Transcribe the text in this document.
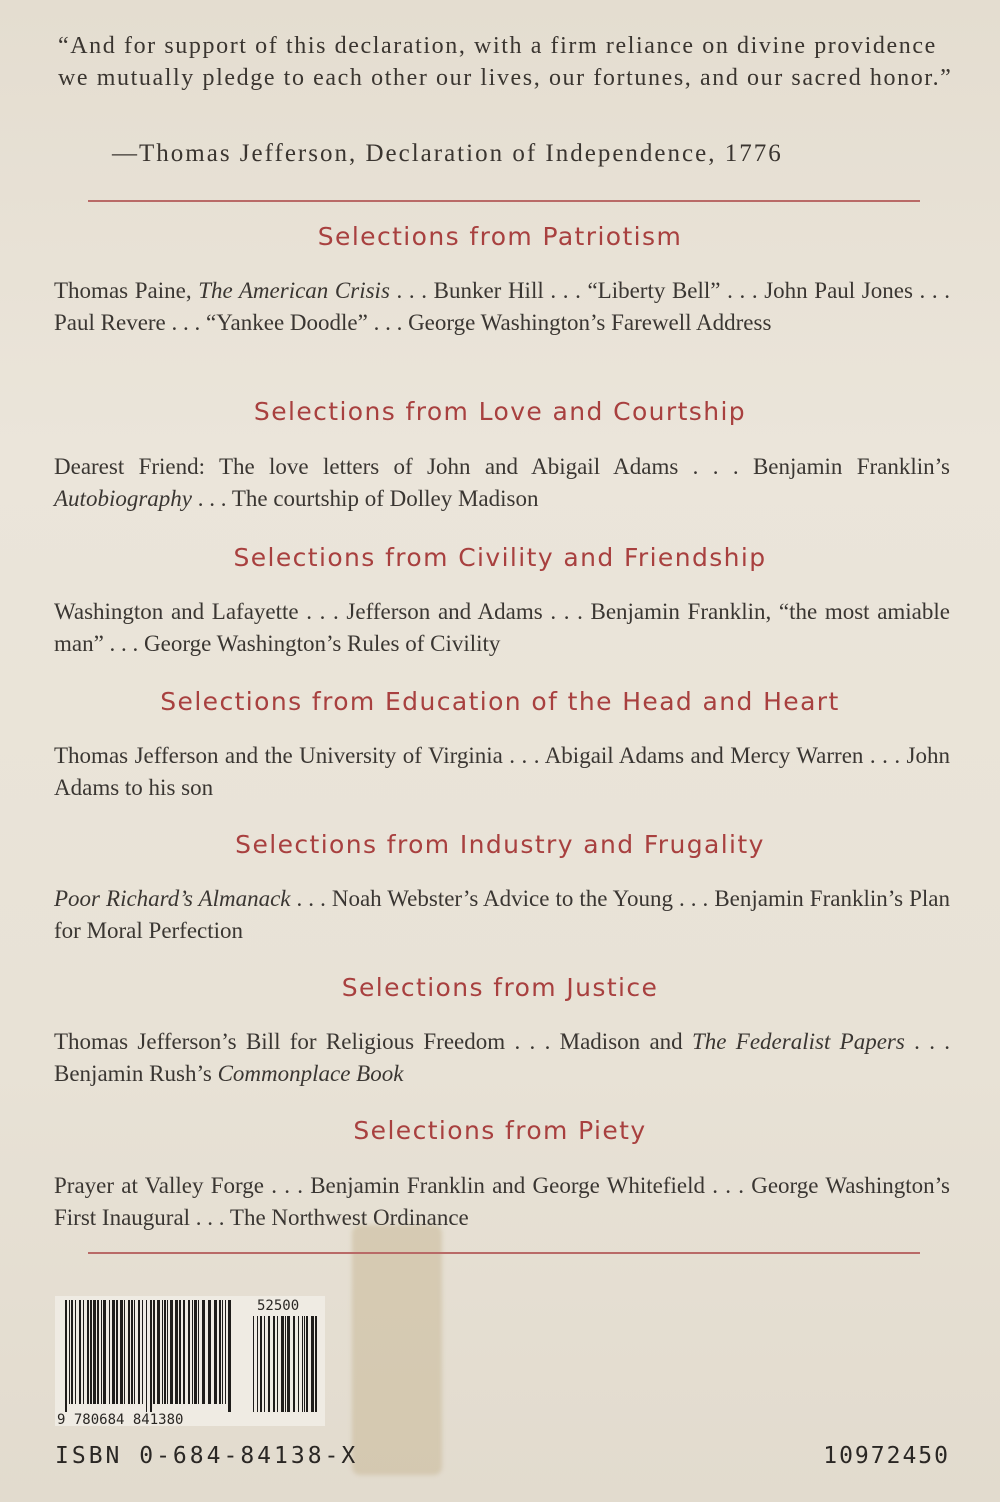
“And for support of this declaration, with a firm reliance on divine providence we mutually pledge to each other our lives, our fortunes, and our sacred honor.”
—Thomas Jefferson, Declaration of Independence, 1776
Selections from Patriotism
Thomas Paine, The American Crisis . . . Bunker Hill . . . “Liberty Bell” . . . John Paul Jones . . . Paul Revere . . . “Yankee Doodle” . . . George Washington’s Farewell Address
Selections from Love and Courtship
Dearest Friend: The love letters of John and Abigail Adams . . . Benjamin Franklin’s Autobiography . . . The courtship of Dolley Madison
Selections from Civility and Friendship
Washington and Lafayette . . . Jefferson and Adams . . . Benjamin Franklin, “the most amiable man” . . . George Washington’s Rules of Civility
Selections from Education of the Head and Heart
Thomas Jefferson and the University of Virginia . . . Abigail Adams and Mercy Warren . . . John Adams to his son
Selections from Industry and Frugality
Poor Richard’s Almanack . . . Noah Webster’s Advice to the Young . . . Benjamin Franklin’s Plan for Moral Perfection
Selections from Justice
Thomas Jefferson’s Bill for Religious Freedom . . . Madison and The Federalist Papers . . . Benjamin Rush’s Commonplace Book
Selections from Piety
Prayer at Valley Forge . . . Benjamin Franklin and George Whitefield . . . George Washington’s First Inaugural . . . The Northwest Ordinance
52500
9 780684 841380
ISBN 0-684-84138-X	10972450
